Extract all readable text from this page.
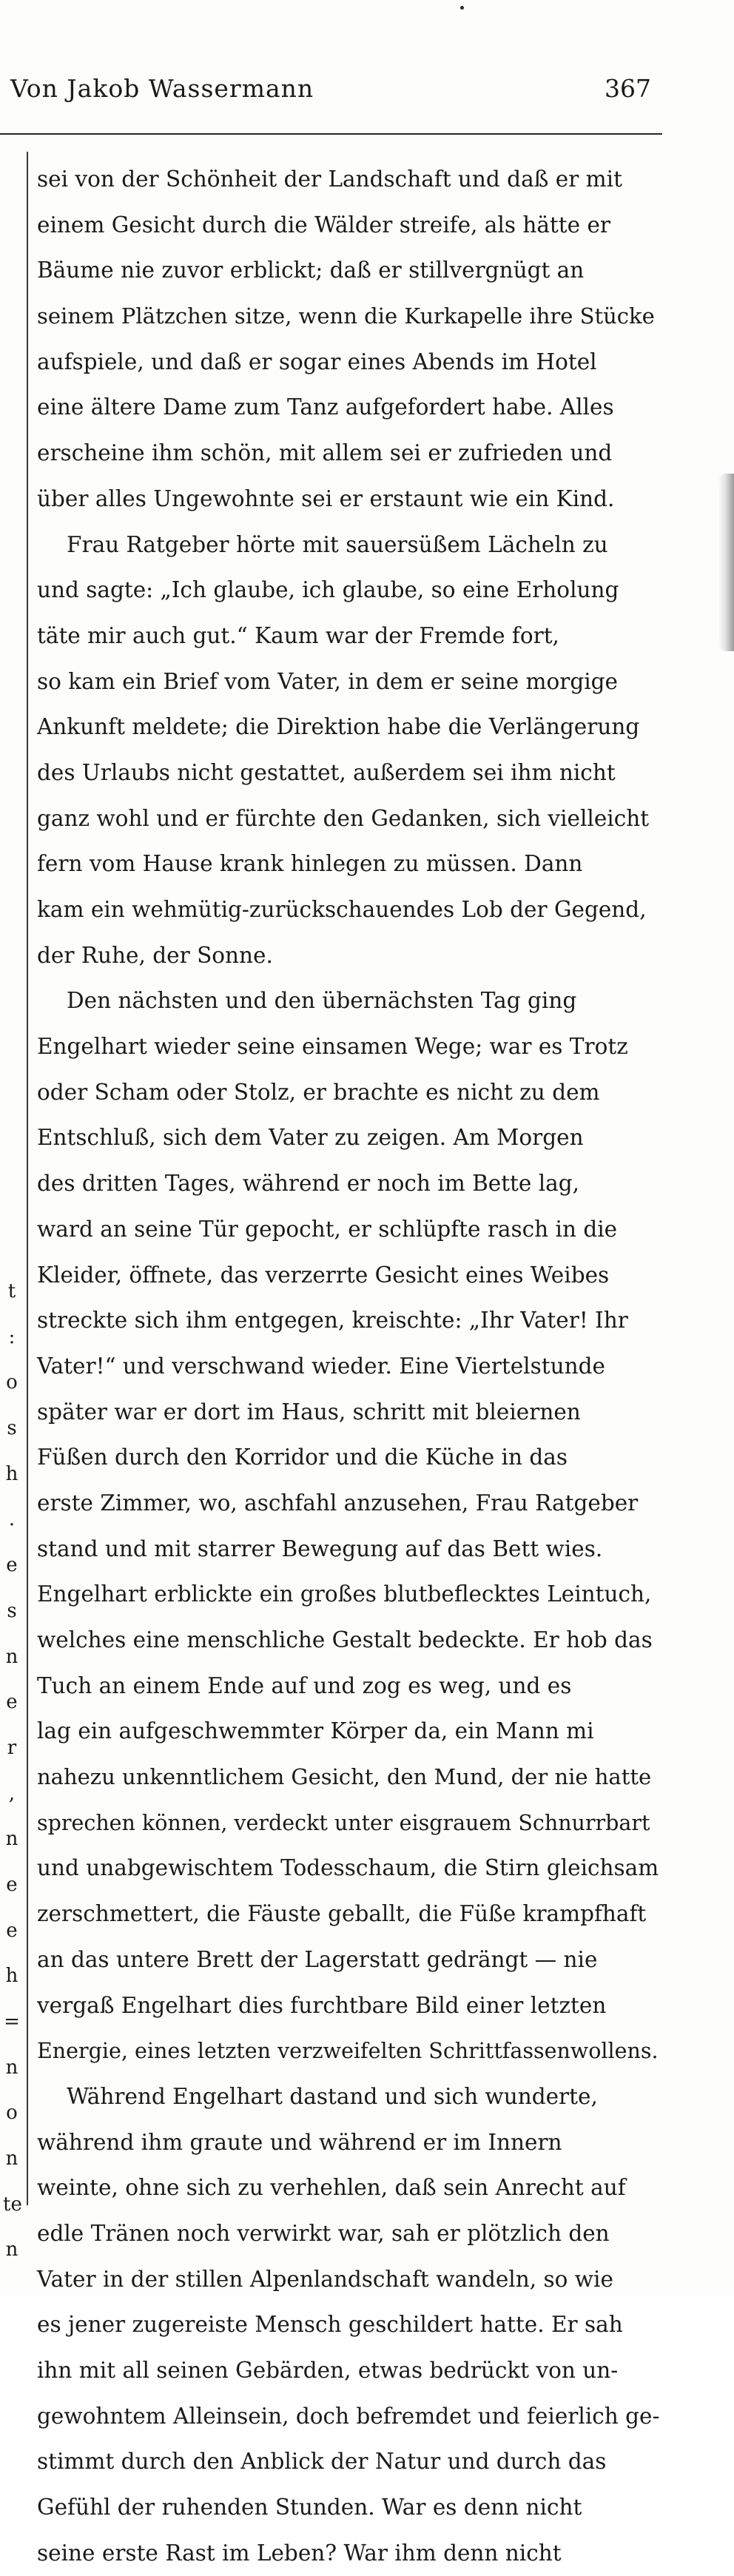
Von Jakob Wassermann	367
t
:
o
s
h
.
e
s
n
e
r
,
n
e
e
h
=
n
o
n
te
n
sei von der Schönheit der Landschaft und daß er mit
einem Gesicht durch die Wälder streife, als hätte er
Bäume nie zuvor erblickt; daß er stillvergnügt an
seinem Plätzchen sitze, wenn die Kurkapelle ihre Stücke
aufspiele, und daß er sogar eines Abends im Hotel
eine ältere Dame zum Tanz aufgefordert habe. Alles
erscheine ihm schön, mit allem sei er zufrieden und
über alles Ungewohnte sei er erstaunt wie ein Kind.
Frau Ratgeber hörte mit sauersüßem Lächeln zu
und sagte: „Ich glaube, ich glaube, so eine Erholung
täte mir auch gut.“ Kaum war der Fremde fort,
so kam ein Brief vom Vater, in dem er seine morgige
Ankunft meldete; die Direktion habe die Verlängerung
des Urlaubs nicht gestattet, außerdem sei ihm nicht
ganz wohl und er fürchte den Gedanken, sich vielleicht
fern vom Hause krank hinlegen zu müssen. Dann
kam ein wehmütig-zurückschauendes Lob der Gegend,
der Ruhe, der Sonne.
Den nächsten und den übernächsten Tag ging
Engelhart wieder seine einsamen Wege; war es Trotz
oder Scham oder Stolz, er brachte es nicht zu dem
Entschluß, sich dem Vater zu zeigen. Am Morgen
des dritten Tages, während er noch im Bette lag,
ward an seine Tür gepocht, er schlüpfte rasch in die
Kleider, öffnete, das verzerrte Gesicht eines Weibes
streckte sich ihm entgegen, kreischte: „Ihr Vater! Ihr
Vater!“ und verschwand wieder. Eine Viertelstunde
später war er dort im Haus, schritt mit bleiernen
Füßen durch den Korridor und die Küche in das
erste Zimmer, wo, aschfahl anzusehen, Frau Ratgeber
stand und mit starrer Bewegung auf das Bett wies.
Engelhart erblickte ein großes blutbeflecktes Leintuch,
welches eine menschliche Gestalt bedeckte. Er hob das
Tuch an einem Ende auf und zog es weg, und es
lag ein aufgeschwemmter Körper da, ein Mann mi
nahezu unkenntlichem Gesicht, den Mund, der nie hatte
sprechen können, verdeckt unter eisgrauem Schnurrbart
und unabgewischtem Todesschaum, die Stirn gleichsam
zerschmettert, die Fäuste geballt, die Füße krampfhaft
an das untere Brett der Lagerstatt gedrängt — nie
vergaß Engelhart dies furchtbare Bild einer letzten
Energie, eines letzten verzweifelten Schrittfassenwollens.
Während Engelhart dastand und sich wunderte,
während ihm graute und während er im Innern
weinte, ohne sich zu verhehlen, daß sein Anrecht auf
edle Tränen noch verwirkt war, sah er plötzlich den
Vater in der stillen Alpenlandschaft wandeln, so wie
es jener zugereiste Mensch geschildert hatte. Er sah
ihn mit all seinen Gebärden, etwas bedrückt von un-
gewohntem Alleinsein, doch befremdet und feierlich ge-
stimmt durch den Anblick der Natur und durch das
Gefühl der ruhenden Stunden. War es denn nicht
seine erste Rast im Leben? War ihm denn nicht
